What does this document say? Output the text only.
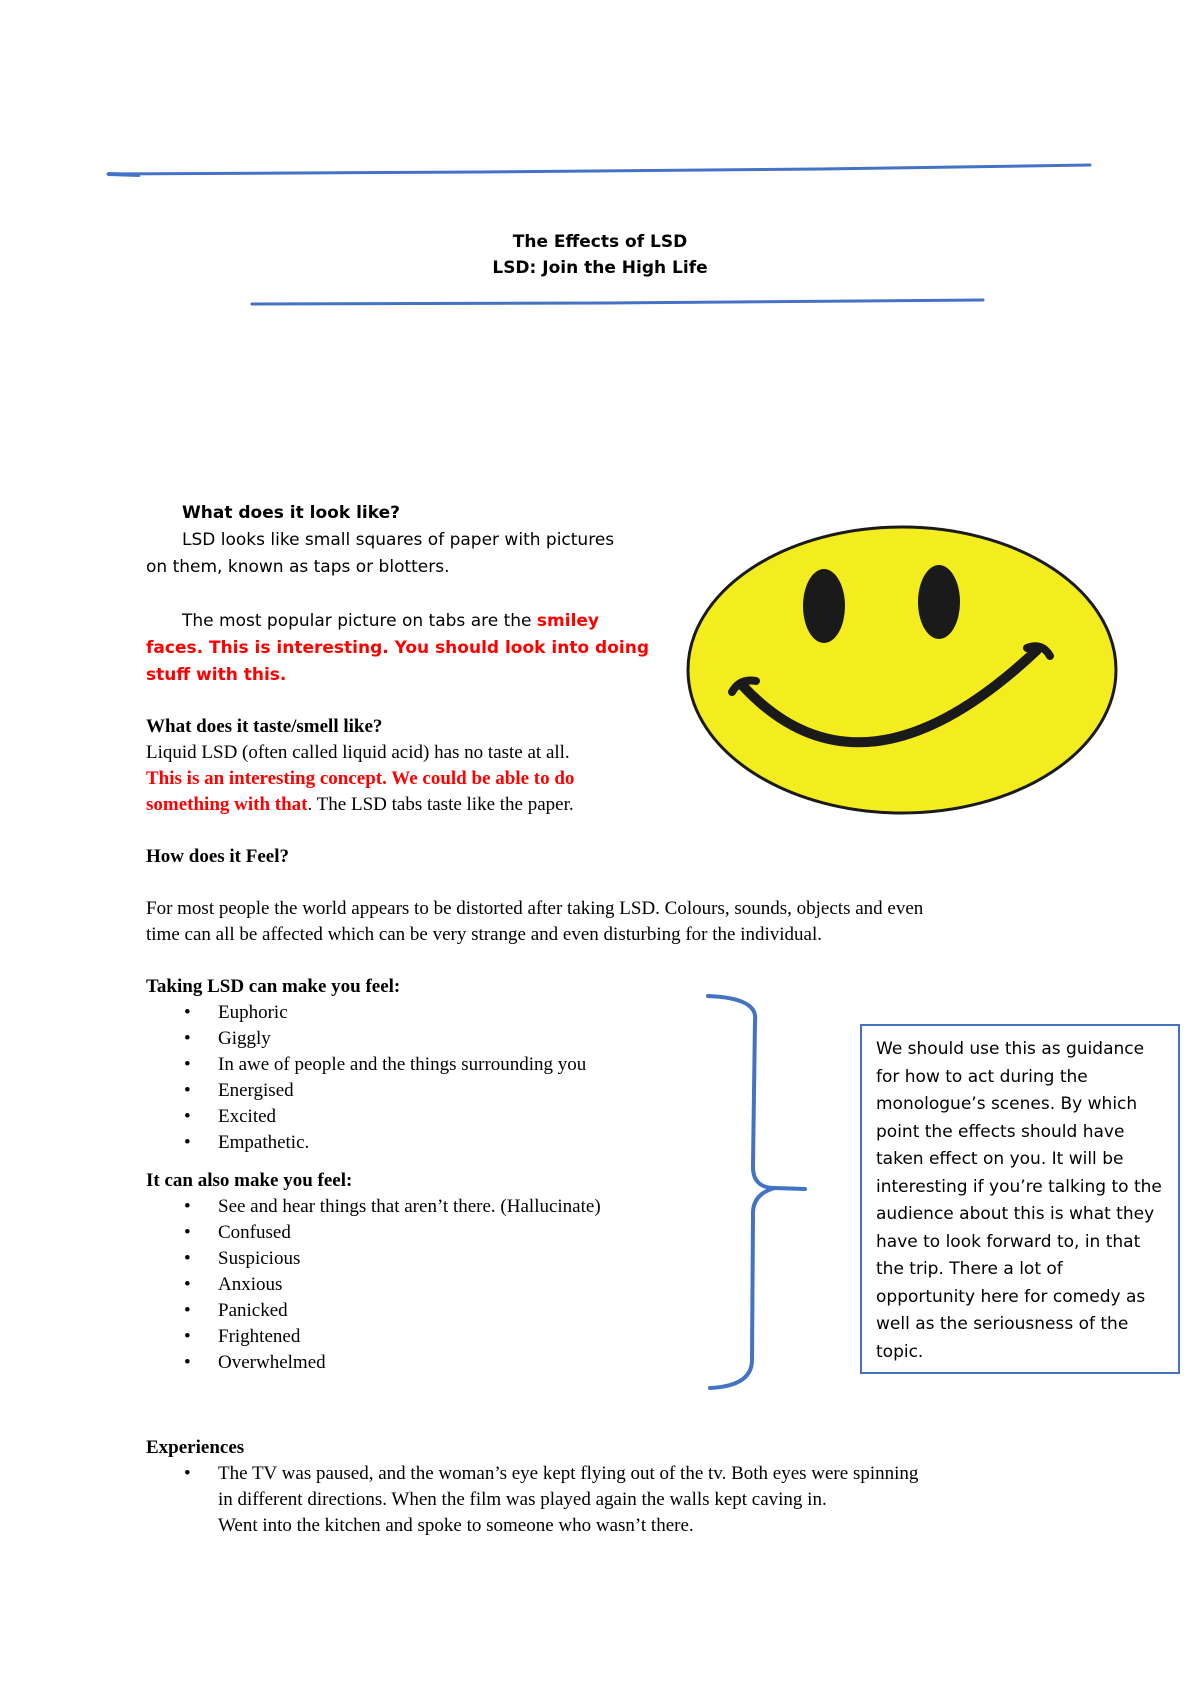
The Effects of LSD
LSD: Join the High Life
What does it look like?
LSD looks like small squares of paper with pictures
on them, known as taps or blotters.
The most popular picture on tabs are the smiley
faces. This is interesting. You should look into doing
stuff with this.
What does it taste/smell like?
Liquid LSD (often called liquid acid) has no taste at all.
This is an interesting concept. We could be able to do
something with that. The LSD tabs taste like the paper.
How does it Feel?
For most people the world appears to be distorted after taking LSD. Colours, sounds, objects and even
time can all be affected which can be very strange and even disturbing for the individual.
Taking LSD can make you feel:
• Euphoric
• Giggly
• In awe of people and the things surrounding you
• Energised
• Excited
• Empathetic.
It can also make you feel:
• See and hear things that aren’t there. (Hallucinate)
• Confused
• Suspicious
• Anxious
• Panicked
• Frightened
• Overwhelmed
We should use this as guidance for how to act during the monologue’s scenes. By which point the effects should have taken effect on you. It will be interesting if you’re talking to the audience about this is what they have to look forward to, in that the trip. There a lot of opportunity here for comedy as well as the seriousness of the topic.
Experiences
• The TV was paused, and the woman’s eye kept flying out of the tv. Both eyes were spinning
in different directions. When the film was played again the walls kept caving in.
Went into the kitchen and spoke to someone who wasn’t there.
